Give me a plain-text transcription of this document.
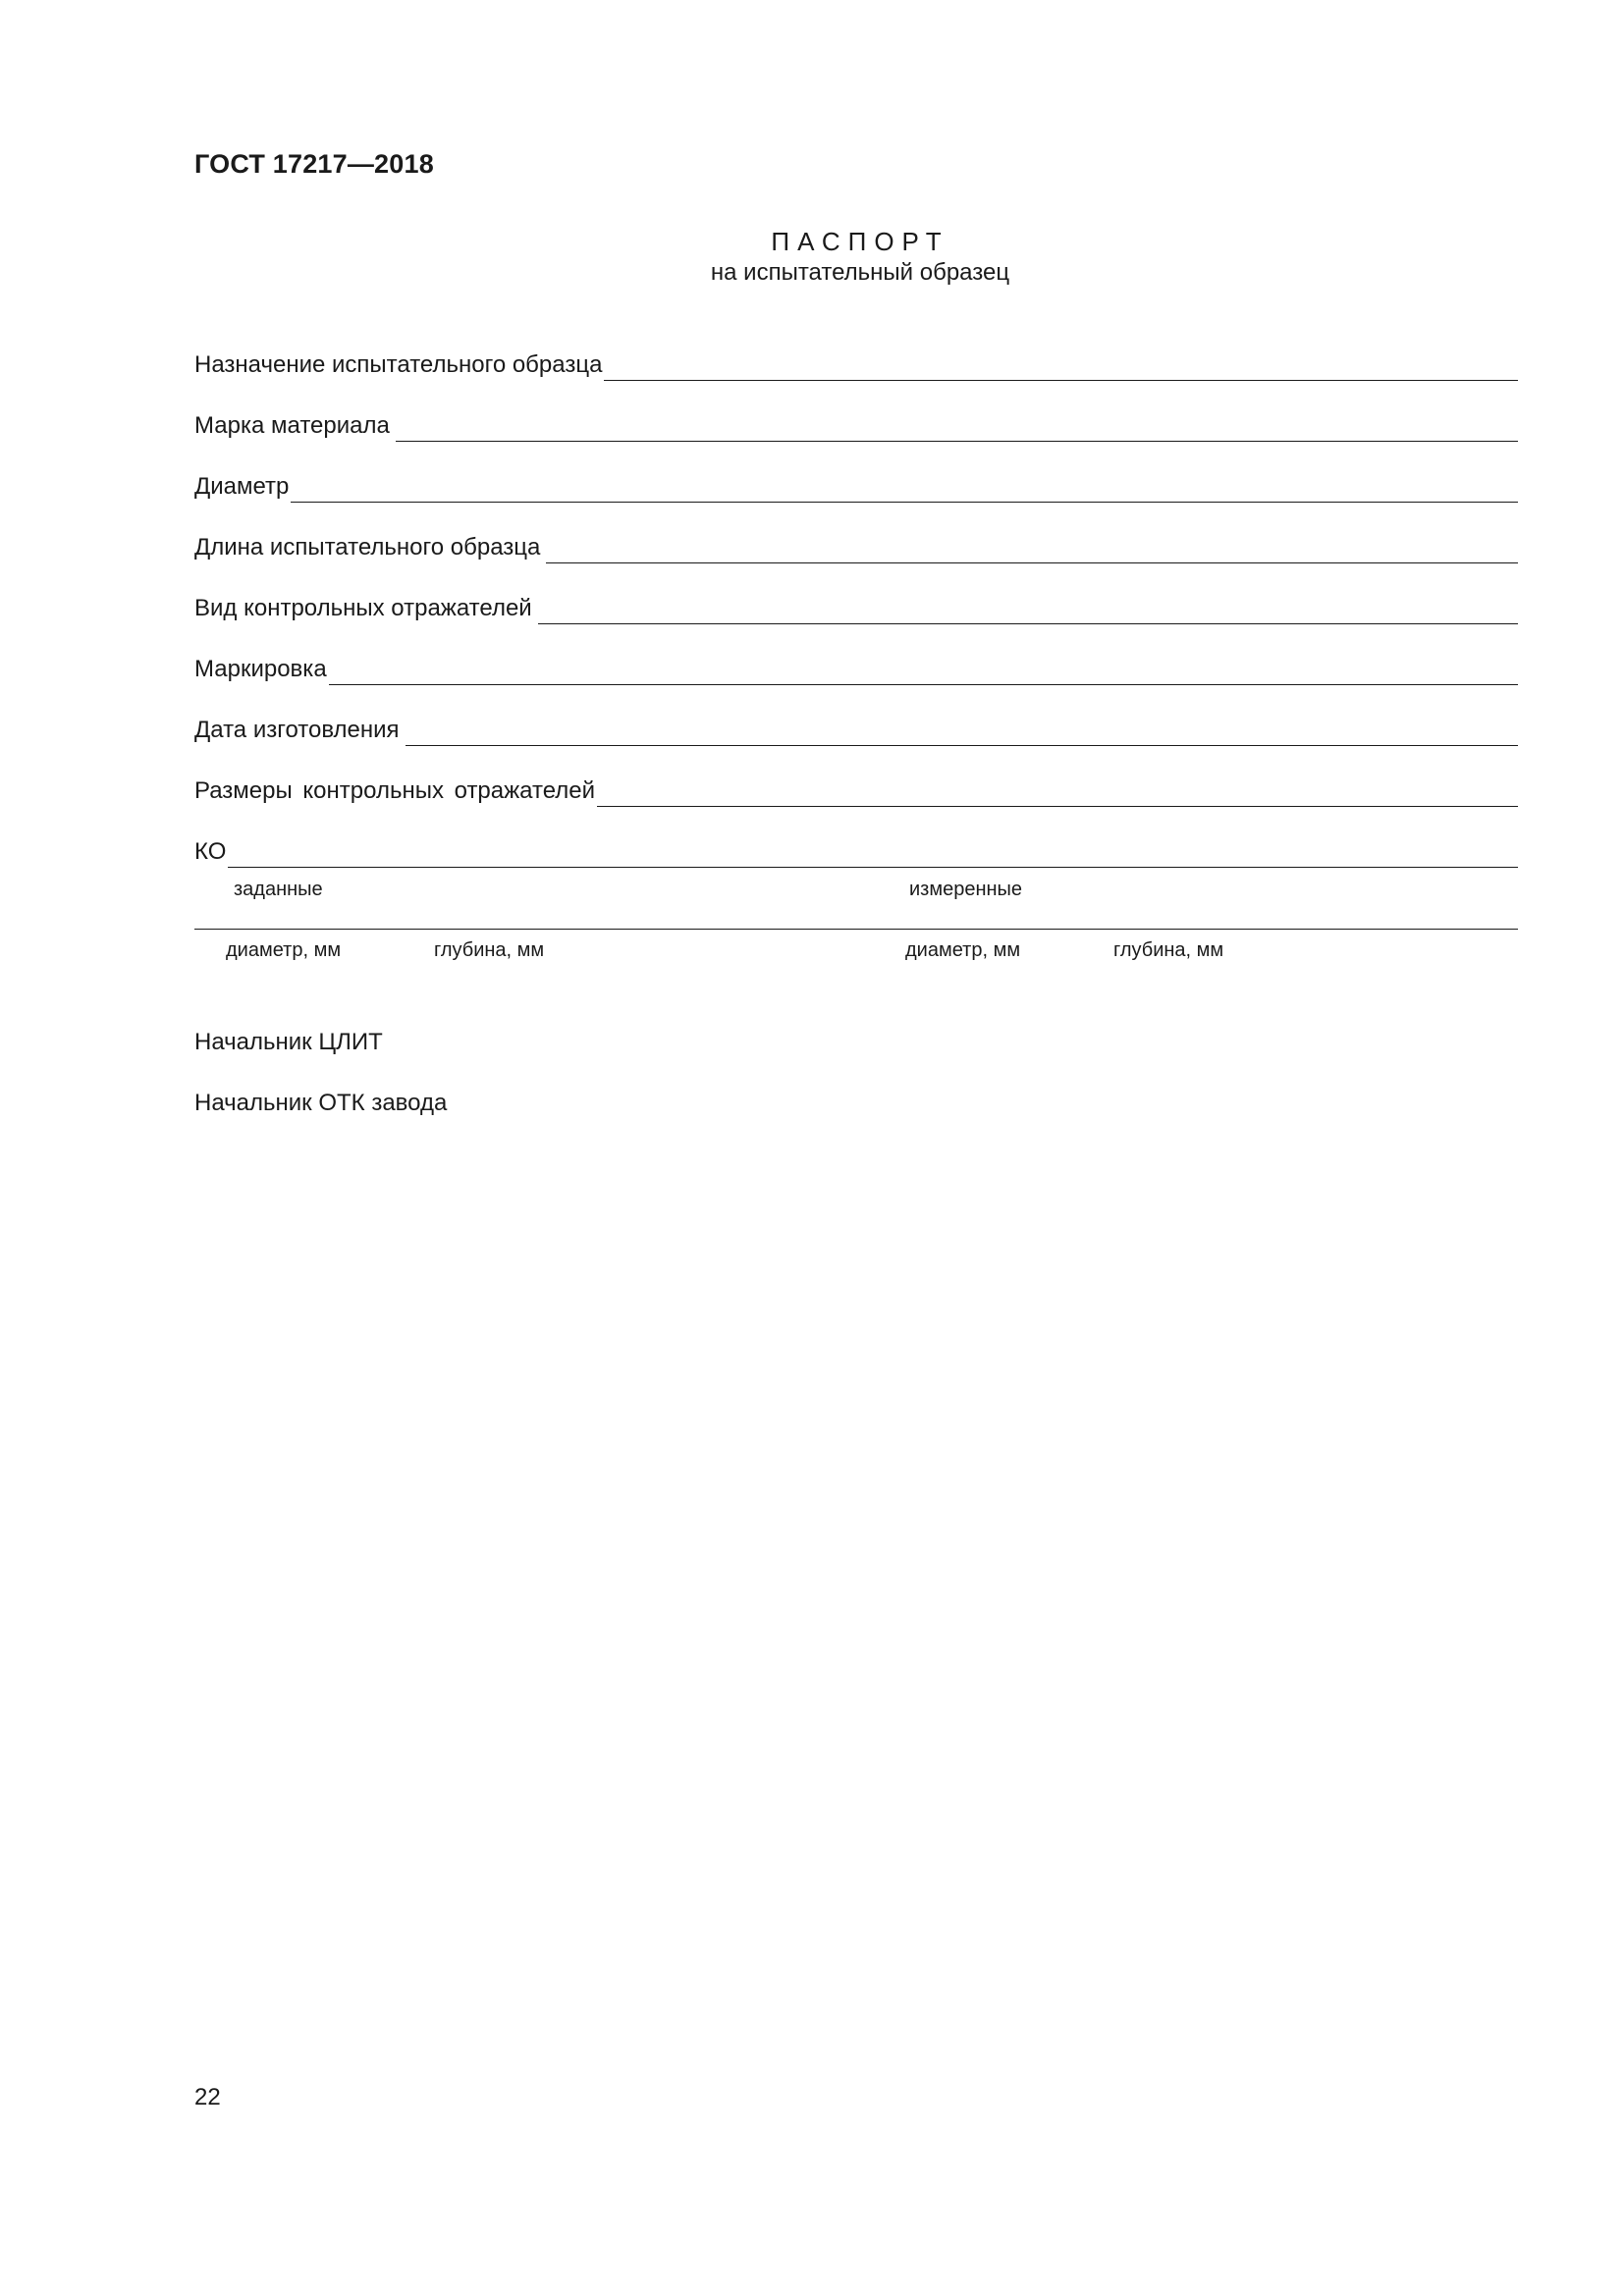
ГОСТ 17217—2018
ПАСПОРТ
на испытательный образец
Назначение испытательного образца
Марка материала
Диаметр
Длина испытательного образца
Вид контрольных отражателей
Маркировка
Дата изготовления
Размеры контрольных отражателей
КО
заданные	измеренные
диаметр, мм	глубина, мм	диаметр, мм	глубина, мм
Начальник ЦЛИТ
Начальник ОТК завода
22
